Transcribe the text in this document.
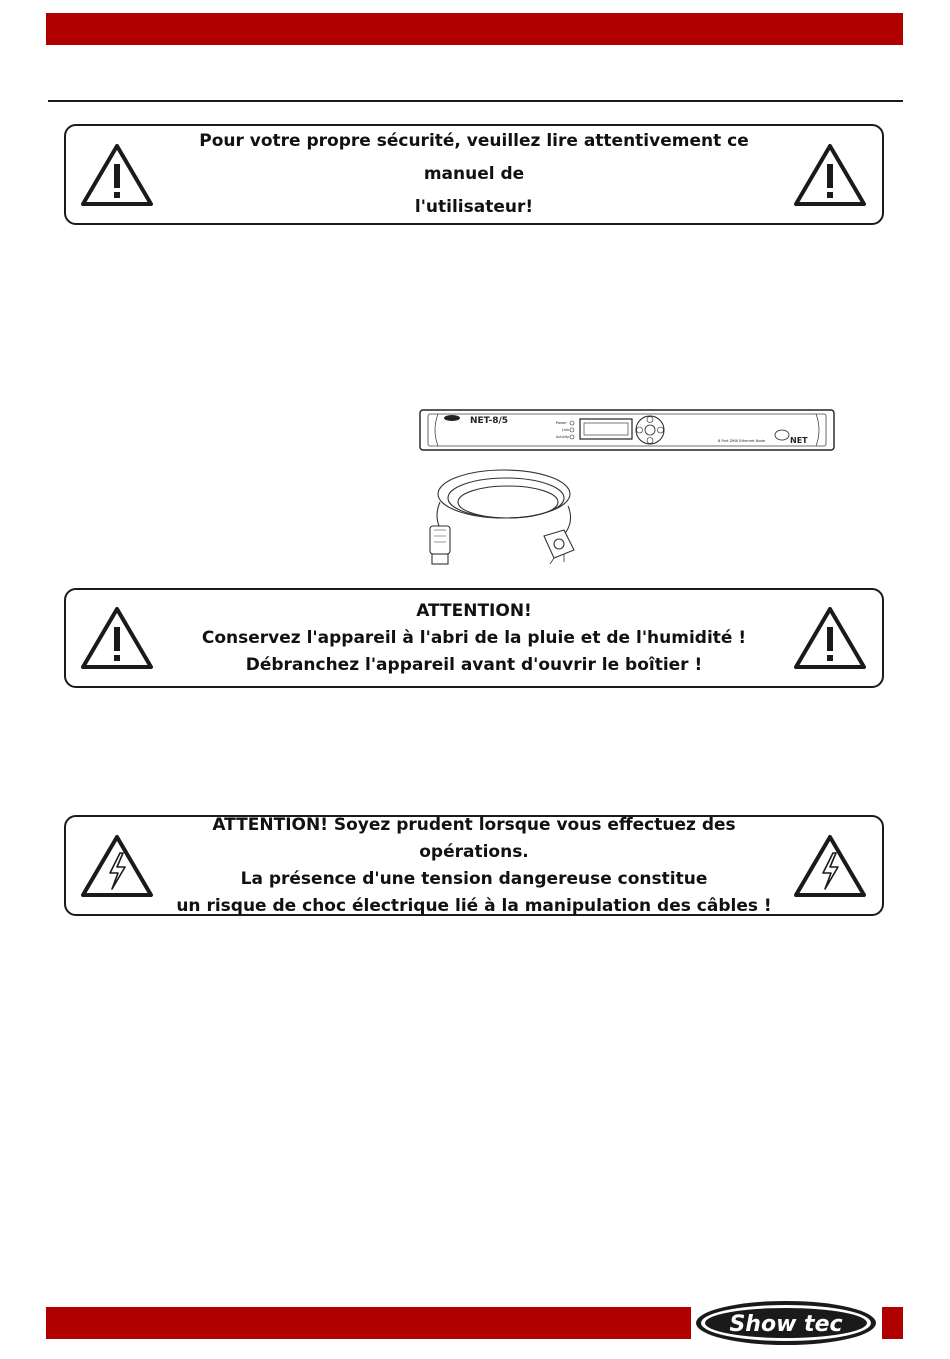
Pour votre propre sécurité, veuillez lire attentivement ce manuel de
l'utilisateur!
NET-8/5	Power
Link
Activity
8 Port DMX Ethernet Node	NET
ATTENTION!
Conservez l'appareil à l'abri de la pluie et de l'humidité !
Débranchez l'appareil avant d'ouvrir le boîtier !
ATTENTION! Soyez prudent lorsque vous effectuez des opérations.
La présence d'une tension dangereuse constitue
un risque de choc électrique lié à la manipulation des câbles !
Show tec
